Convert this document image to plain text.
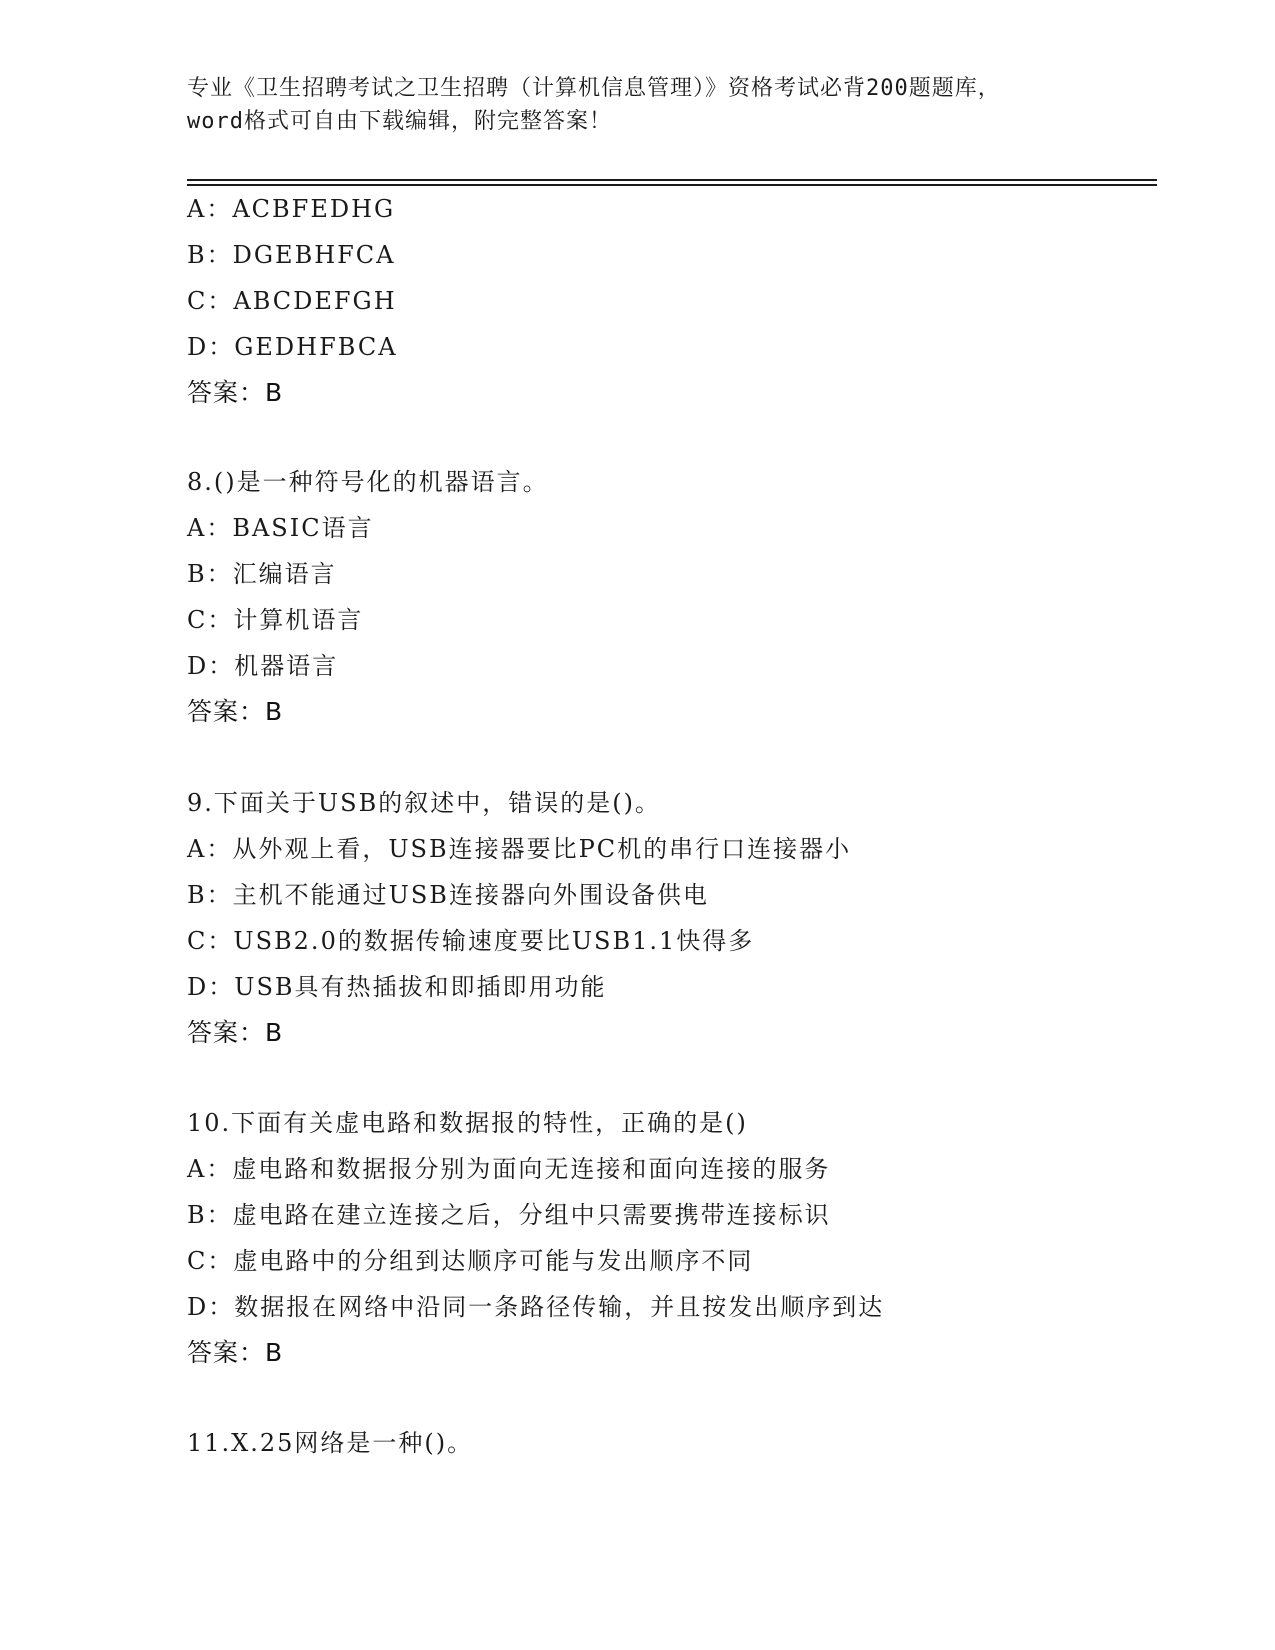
专业《卫生招聘考试之卫生招聘（计算机信息管理）》资格考试必背200题题库，
word格式可自由下载编辑，附完整答案！
A：ACBFEDHG
B：DGEBHFCA
C：ABCDEFGH
D：GEDHFBCA
答案：B
8.()是一种符号化的机器语言。
A：BASIC语言
B：汇编语言
C：计算机语言
D：机器语言
答案：B
9.下面关于USB的叙述中，错误的是()。
A：从外观上看，USB连接器要比PC机的串行口连接器小
B：主机不能通过USB连接器向外围设备供电
C：USB2.0的数据传输速度要比USB1.1快得多
D：USB具有热插拔和即插即用功能
答案：B
10.下面有关虚电路和数据报的特性，正确的是()
A：虚电路和数据报分别为面向无连接和面向连接的服务
B：虚电路在建立连接之后，分组中只需要携带连接标识
C：虚电路中的分组到达顺序可能与发出顺序不同
D：数据报在网络中沿同一条路径传输，并且按发出顺序到达
答案：B
11.X.25网络是一种()。
